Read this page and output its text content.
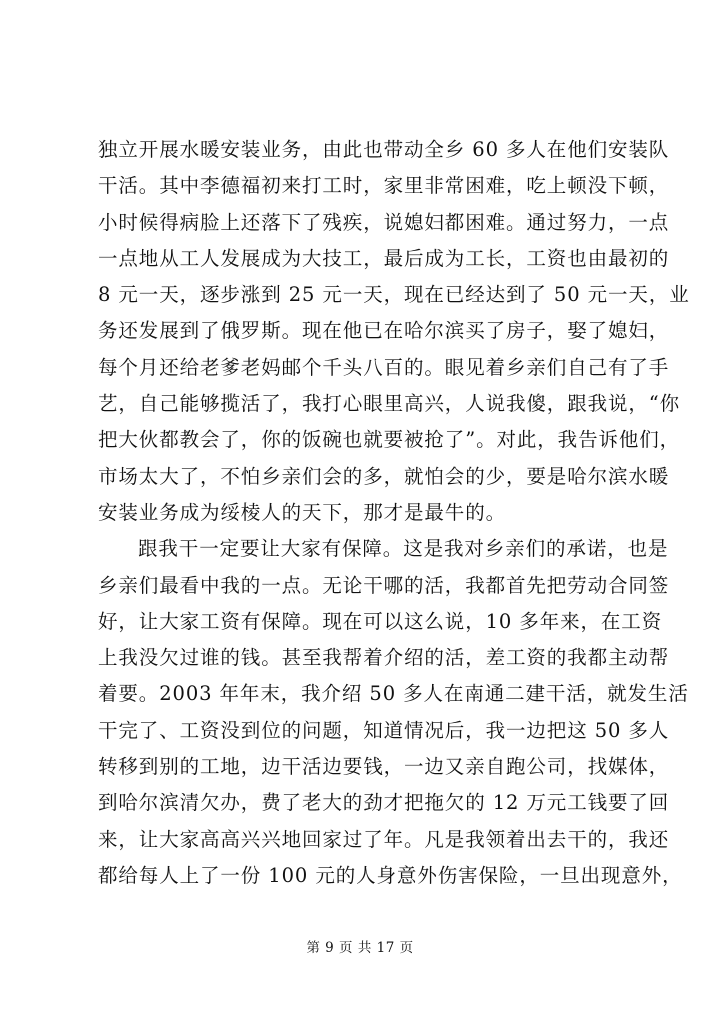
独立开展水暖安装业务，由此也带动全乡 60 多人在他们安装队
干活。其中李德福初来打工时，家里非常困难，吃上顿没下顿，
小时候得病脸上还落下了残疾，说媳妇都困难。通过努力，一点
一点地从工人发展成为大技工，最后成为工长，工资也由最初的
8 元一天，逐步涨到 25 元一天，现在已经达到了 50 元一天，业
务还发展到了俄罗斯。现在他已在哈尔滨买了房子，娶了媳妇，
每个月还给老爹老妈邮个千头八百的。眼见着乡亲们自己有了手
艺，自己能够揽活了，我打心眼里高兴，人说我傻，跟我说，“你
把大伙都教会了，你的饭碗也就要被抢了”。对此，我告诉他们，
市场太大了，不怕乡亲们会的多，就怕会的少，要是哈尔滨水暖
安装业务成为绥棱人的天下，那才是最牛的。
跟我干一定要让大家有保障。这是我对乡亲们的承诺，也是
乡亲们最看中我的一点。无论干哪的活，我都首先把劳动合同签
好，让大家工资有保障。现在可以这么说，10 多年来，在工资
上我没欠过谁的钱。甚至我帮着介绍的活，差工资的我都主动帮
着要。2003 年年末，我介绍 50 多人在南通二建干活，就发生活
干完了、工资没到位的问题，知道情况后，我一边把这 50 多人
转移到别的工地，边干活边要钱，一边又亲自跑公司，找媒体，
到哈尔滨清欠办，费了老大的劲才把拖欠的 12 万元工钱要了回
来，让大家高高兴兴地回家过了年。凡是我领着出去干的，我还
都给每人上了一份 100 元的人身意外伤害保险，一旦出现意外，
第 9 页 共 17 页
